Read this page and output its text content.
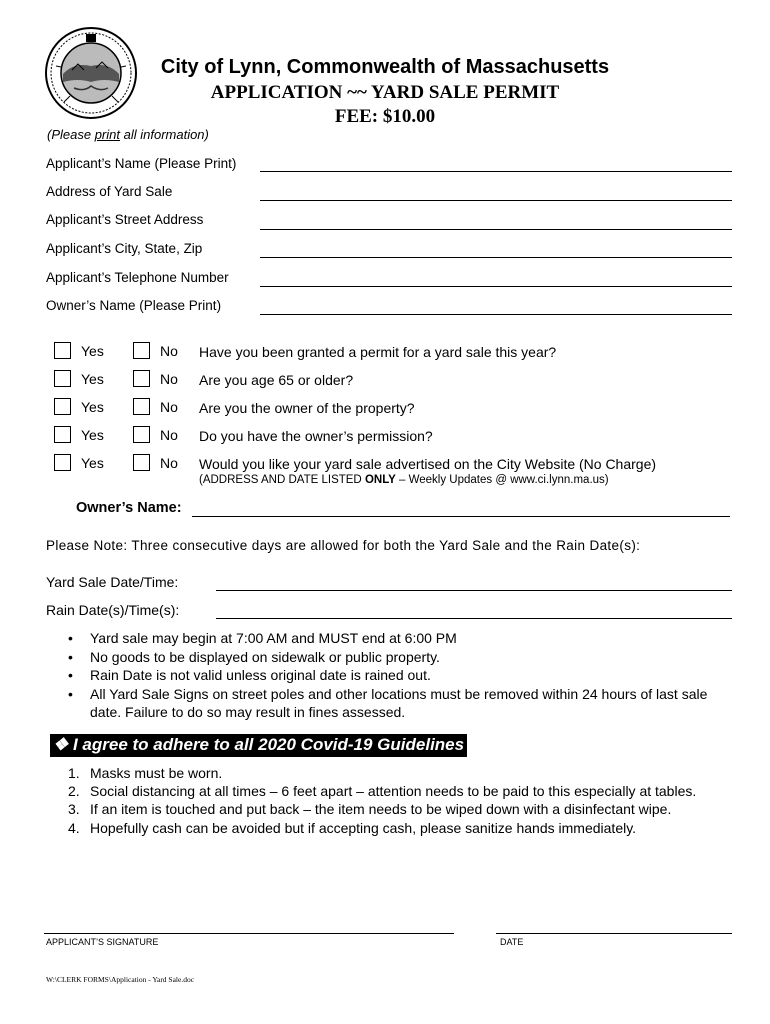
City of Lynn, Commonwealth of Massachusetts
APPLICATION ~~ YARD SALE PERMIT
FEE: $10.00
(Please print all information)
Applicant’s Name (Please Print)
Address of Yard Sale
Applicant’s Street Address
Applicant’s City, State, Zip
Applicant’s Telephone Number
Owner’s Name (Please Print)
Yes	No Have you been granted a permit for a yard sale this year?
Yes	No Are you age 65 or older?
Yes	No Are you the owner of the property?
Yes	No Do you have the owner’s permission?
Yes	No Would you like your yard sale advertised on the City Website (No Charge)
(ADDRESS AND DATE LISTED ONLY – Weekly Updates @ www.ci.lynn.ma.us)
Owner’s Name:
Please Note: Three consecutive days are allowed for both the Yard Sale and the Rain Date(s):
Yard Sale Date/Time:
Rain Date(s)/Time(s):
•	Yard sale may begin at 7:00 AM and MUST end at 6:00 PM
•	No goods to be displayed on sidewalk or public property.
•	Rain Date is not valid unless original date is rained out.
•	All Yard Sale Signs on street poles and other locations must be removed within 24 hours of last sale date. Failure to do so may result in fines assessed.
❖ I agree to adhere to all 2020 Covid-19 Guidelines
1. Masks must be worn.
2. Social distancing at all times – 6 feet apart – attention needs to be paid to this especially at tables.
3. If an item is touched and put back – the item needs to be wiped down with a disinfectant wipe.
4. Hopefully cash can be avoided but if accepting cash, please sanitize hands immediately.
APPLICANT’S SIGNATURE	DATE
W:\CLERK FORMS\Application - Yard Sale.doc
